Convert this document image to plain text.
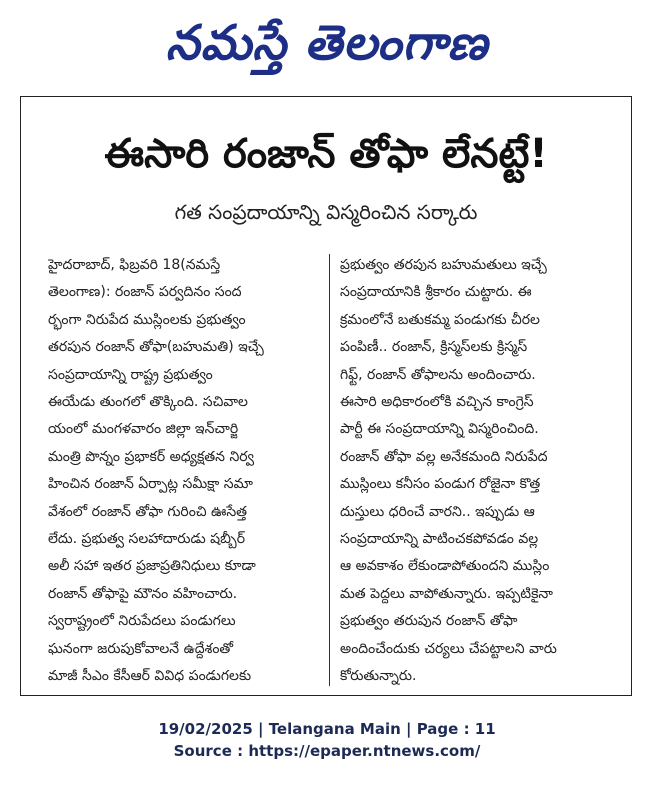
నమస్తే తెలంగాణ
ఈసారి రంజాన్ తోఫా లేనట్టే!
గత సంప్రదాయాన్ని విస్మరించిన సర్కారు
హైదరాబాద్, ఫిబ్రవరి 18(నమస్తే
తెలంగాణ): రంజాన్ పర్వదినం సంద
ర్భంగా నిరుపేద ముస్లింలకు ప్రభుత్వం
తరపున రంజాన్ తోఫా(బహుమతి) ఇచ్చే
సంప్రదాయాన్ని రాష్ట్ర ప్రభుత్వం
ఈయేడు తుంగలో తొక్కింది. సచివాల
యంలో మంగళవారం జిల్లా ఇన్‌చార్జి
మంత్రి పొన్నం ప్రభాకర్ అధ్యక్షతన నిర్వ
హించిన రంజాన్ ఏర్పాట్ల సమీక్షా సమా
వేశంలో రంజాన్ తోఫా గురించి ఊసేత్త
లేదు. ప్రభుత్వ సలహాదారుడు షబ్బీర్
అలీ సహా ఇతర ప్రజాప్రతినిధులు కూడా
రంజాన్ తోఫాపై మౌనం వహించారు.
స్వరాష్ట్రంలో నిరుపేదలు పండుగలు
ఘనంగా జరుపుకోవాలనే ఉద్దేశంతో
మాజీ సీఎం కేసీఆర్ వివిధ పండుగలకు
ప్రభుత్వం తరపున బహుమతులు ఇచ్చే
సంప్రదాయానికి శ్రీకారం చుట్టారు. ఈ
క్రమంలోనే బతుకమ్మ పండుగకు చీరల
పంపిణీ.. రంజాన్, క్రిస్మస్‌లకు క్రిస్మస్
గిఫ్ట్, రంజాన్ తోఫాలను అందించారు.
ఈసారి అధికారంలోకి వచ్చిన కాంగ్రెస్
పార్టీ ఈ సంప్రదాయాన్ని విస్మరించింది.
రంజాన్ తోఫా వల్ల అనేకమంది నిరుపేద
ముస్లింలు కనీసం పండుగ రోజైనా కొత్త
దుస్తులు ధరించే వారని.. ఇప్పుడు ఆ
సంప్రదాయాన్ని పాటించకపోవడం వల్ల
ఆ అవకాశం లేకుండాపోతుందని ముస్లిం
మత పెద్దలు వాపోతున్నారు. ఇప్పటికైనా
ప్రభుత్వం తరుపున రంజాన్ తోఫా
అందించేందుకు చర్యలు చేపట్టాలని వారు
కోరుతున్నారు.
19/02/2025 | Telangana Main | Page : 11
Source : https://epaper.ntnews.com/
